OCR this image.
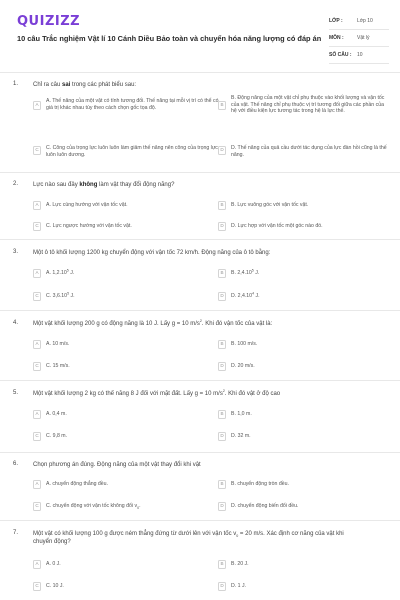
QUIZIZZ
10 câu Trắc nghiệm Vật lí 10 Cánh Diều Bảo toàn và chuyển hóa năng lượng có đáp án
LỚP :	Lớp 10
MÔN :	Vật lý
SỐ CÂU :	10
1. Chỉ ra câu sai trong các phát biểu sau:
A
A. Thế năng của một vật có tính tương đối. Thế năng tại mỗi vị trí có thể có giá trị khác nhau tùy theo cách chọn gốc tọa độ.	B
B. Động năng của một vật chỉ phụ thuộc vào khối lượng và vận tốc của vật. Thế năng chỉ phụ thuộc vị trí tương đối giữa các phần của hệ với điều kiện lực tương tác trong hệ là lực thế.
C	C. Công của trọng lực luôn luôn làm giảm thế năng nên công của trọng lực luôn luôn dương.
D	D. Thế năng của quả cầu dưới tác dụng của lực đàn hồi cũng là thế năng.
2. Lực nào sau đây không làm vật thay đổi động năng?
A	A. Lực cùng hướng với vận tốc vật.	B	B. Lực vuông góc với vận tốc vật.
C	C. Lực ngược hướng với vận tốc vật.	D	D. Lực hợp với vận tốc một góc nào đó.
3. Một ô tô khối lượng 1200 kg chuyển động với vận tốc 72 km/h. Động năng của ô tô bằng:
A	A. 1,2.10$^5$ J.	B	B. 2,4.10$^5$ J.
C	C. 3,6.10$^5$ J.	D	D. 2,4.10$^4$ J.
4. Một vật khối lượng 200 g có động năng là 10 J. Lấy g = 10 $m/s^2$. Khi đó vận tốc của vật là:
A	A. 10 m/s.	B	B. 100 m/s.
C	C. 15 m/s.	D	D. 20 m/s.
5. Một vật khối lượng 2 kg có thế năng 8 J đối với mặt đất. Lấy g = 10 $m/s^2$. Khi đó vật ở độ cao
A	A. 0,4 m.	B	B. 1,0 m.
C	C. 9,8 m.	D	D. 32 m.
6. Chọn phương án đúng. Động năng của một vật thay đổi khi vật
A	A. chuyển động thẳng đều.	B	B. chuyển động tròn đều.
C	C. chuyển động với vận tốc không đổi $v_0$.	D	D. chuyển động biến đổi đều.
7. Một vật có khối lượng 100 g được ném thẳng đứng từ dưới lên với vận tốc $v_0 = 20$ m/s. Xác định cơ năng của vật khi chuyển động?
A	A. 0 J.	B	B. 20 J.
C	C. 10 J.	D	D. 1 J.
